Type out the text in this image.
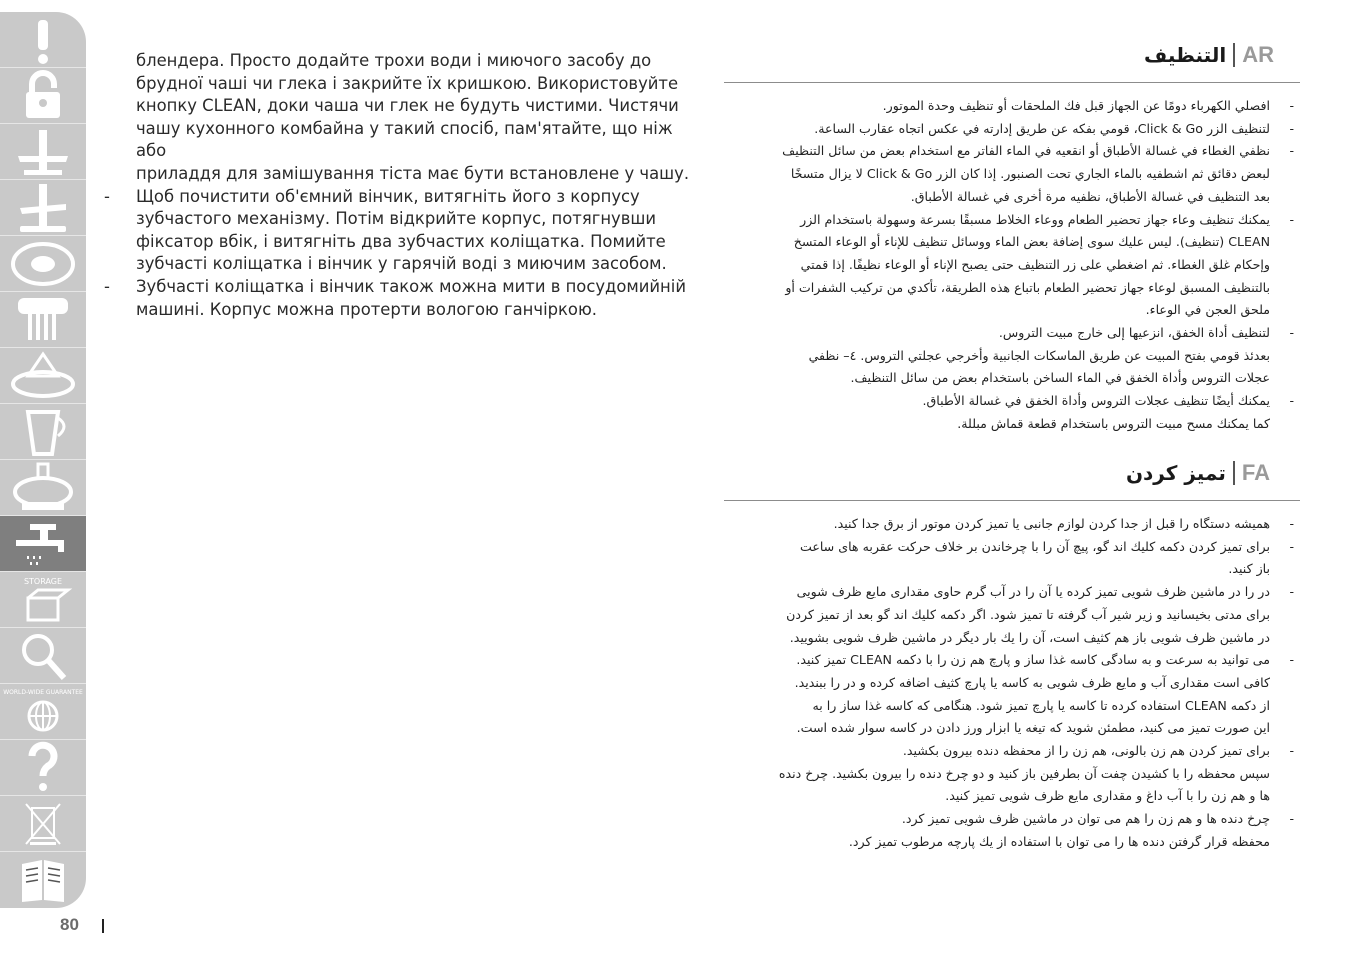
STORAGE
WORLD-WIDE GUARANTEE
80

блендера. Просто додайте трохи води і миючого засобу до

брудної чаші чи глека і закрийте їх кришкою. Використовуйте

кнопку CLEAN, доки чаша чи глек не будуть чистими. Чистячи

чашу кухонного комбайна у такий спосіб, пам'ятайте, що ніж або

приладдя для замішування тіста має бути встановлене у чашу.

- Щоб почистити об'ємний вінчик, витягніть його з корпусу
зубчастого механізму. Потім відкрийте корпус, потягнувши
фіксатор вбік, і витягніть два зубчастих коліщатка. Помийте
зубчасті коліщатка і вінчик у гарячій воді з миючим засобом.
- Зубчасті коліщатка і вінчик також можна мити в посудомийній
машині. Корпус можна протерти вологою ганчіркою.
التنظيف AR
-
افصلي الكهرباء دومًا عن الجهاز قبل فك الملحقات أو تنظيف وحدة الموتور.
-
لتنظيف الزر Click & Go، قومي بفكه عن طريق إدارته في عكس اتجاه عقارب الساعة.
-
نظفي الغطاء في غسالة الأطباق أو انقعيه في الماء الفاتر مع استخدام بعض من سائل التنظيف
لبعض دقائق ثم اشطفيه بالماء الجاري تحت الصنبور. إذا كان الزر Click & Go لا يزال متسخًا
بعد التنظيف في غسالة الأطباق، نظفيه مرة أخرى في غسالة الأطباق.
-
يمكنك تنظيف وعاء جهاز تحضير الطعام ووعاء الخلاط مسبقًا بسرعة وسهولة باستخدام الزر
CLEAN (تنظيف). ليس عليك سوى إضافة بعض الماء ووسائل تنظيف للإناء أو الوعاء المتسخ
وإحكام غلق الغطاء. ثم اضغطي على زر التنظيف حتى يصبح الإناء أو الوعاء نظيفًا. إذا قمتي
بالتنظيف المسبق لوعاء جهاز تحضير الطعام باتباع هذه الطريقة، تأكدي من تركيب الشفرات أو
ملحق العجن في الوعاء.
-
لتنظيف أداة الخفق، انزعيها إلى خارج مبيت التروس.
بعدئذ قومي بفتح المبيت عن طريق الماسكات الجانبية وأخرجي عجلتي التروس. ٤– نظفي
عجلات التروس وأداة الخفق في الماء الساخن باستخدام بعض من سائل التنظيف.
-
يمكنك أيضًا تنظيف عجلات التروس وأداة الخفق في غسالة الأطباق.
كما يمكنك مسح مبيت التروس باستخدام قطعة قماش مبللة.
تميز كردن FA
-
هميشه دستگاه را قبل از جدا كردن لوازم جانبی يا تميز كردن موتور از برق جدا كنيد.
-
برای تميز كردن دكمه كليك اند گو، پيچ آن را با چرخاندن بر خلاف حركت عقربه های ساعت
باز كنيد.
-
در را در ماشين ظرف شويی تميز كرده يا آن را در آب گرم حاوی مقداری مايع ظرف شويی
برای مدتی بخيسانيد و زير شير آب گرفته تا تميز شود. اگر دكمه كليك اند گو بعد از تميز كردن
در ماشين ظرف شويی باز هم كثيف است، آن را يك بار ديگر در ماشين ظرف شويی بشوييد.
-
می توانيد به سرعت و به سادگی كاسه غذا ساز و پارچ هم زن را با دكمه CLEAN تميز كنيد.
كافی است مقداری آب و مايع ظرف شويی به كاسه يا پارچ كثيف اضافه كرده و در را ببنديد.
از دكمه CLEAN استفاده كرده تا كاسه يا پارچ تميز شود. هنگامی كه كاسه غذا ساز را به
اين صورت تميز می كنيد، مطمئن شويد كه تيغه يا ابزار ورز دادن در كاسه سوار شده است.
-
برای تميز كردن هم زن بالونی، هم زن را از محفظه دنده بيرون بكشيد.
سپس محفظه را با كشيدن چفت آن بطرفين باز كنيد و دو چرخ دنده را بيرون بكشيد. چرخ دنده
ها و هم زن را با آب داغ و مقداری مايع ظرف شويی تميز كنيد.
-
چرخ دنده ها و هم زن را هم می توان در ماشين ظرف شويی تميز كرد.
محفظه قرار گرفتن دنده ها را می توان با استفاده از يك پارچه مرطوب تميز كرد.
